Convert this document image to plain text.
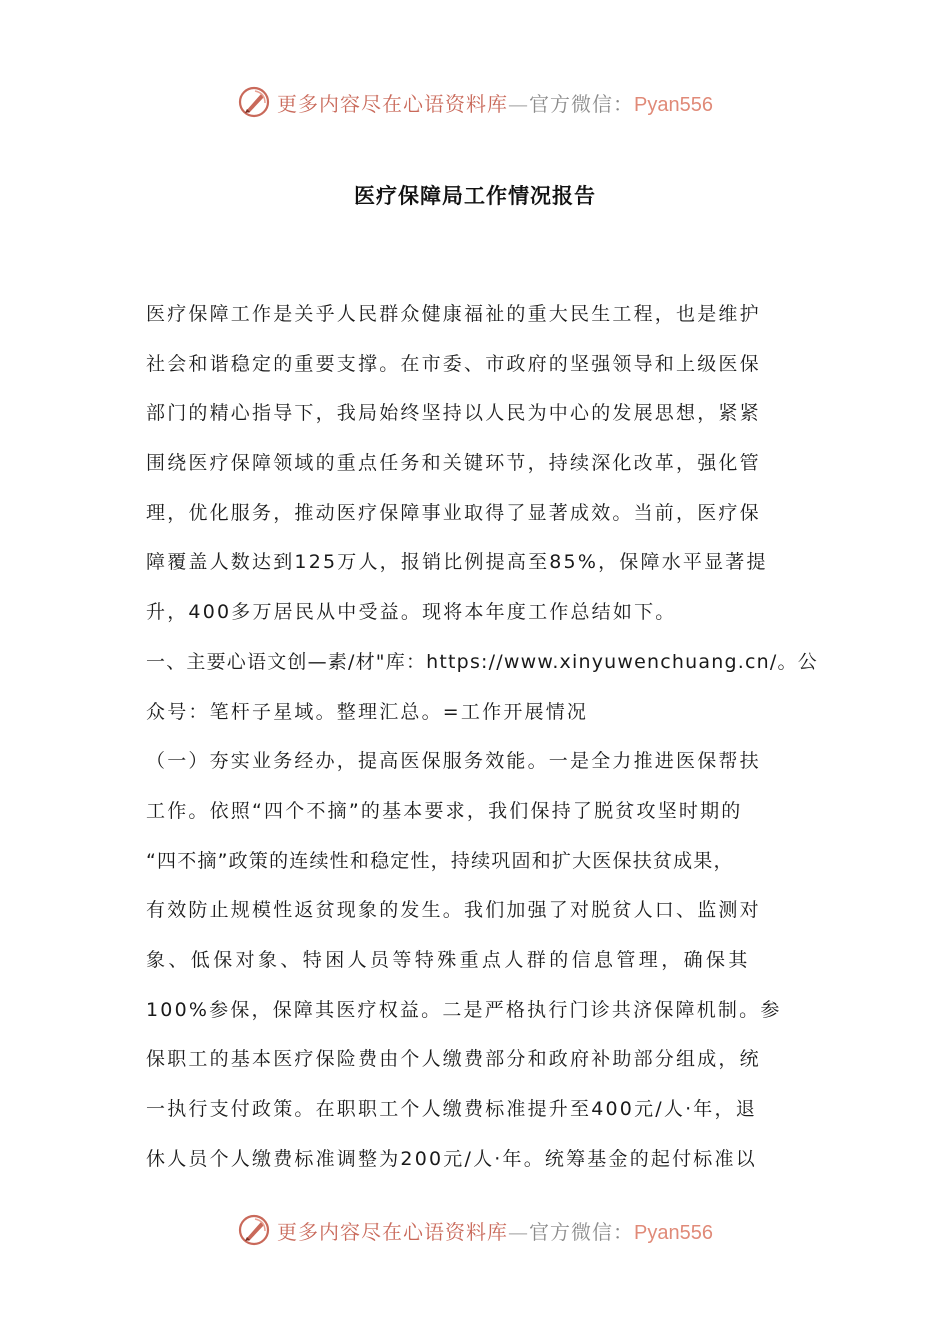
更多内容尽在心语资料库—官方微信：Pyan556
医疗保障局工作情况报告
医疗保障工作是关乎人民群众健康福祉的重大民生工程，也是维护
社会和谐稳定的重要支撑。在市委、市政府的坚强领导和上级医保
部门的精心指导下，我局始终坚持以人民为中心的发展思想，紧紧
围绕医疗保障领域的重点任务和关键环节，持续深化改革，强化管
理，优化服务，推动医疗保障事业取得了显著成效。当前，医疗保
障覆盖人数达到125万人，报销比例提高至85%，保障水平显著提
升，400多万居民从中受益。现将本年度工作总结如下。
一、主要心语文创—素/材"库：https://www.xinyuwenchuang.cn/。公
众号：笔杆子星域。整理汇总。=工作开展情况
（一）夯实业务经办，提高医保服务效能。一是全力推进医保帮扶
工作。依照“四个不摘”的基本要求，我们保持了脱贫攻坚时期的
“四不摘”政策的连续性和稳定性，持续巩固和扩大医保扶贫成果，
有效防止规模性返贫现象的发生。我们加强了对脱贫人口、监测对
象、低保对象、特困人员等特殊重点人群的信息管理，确保其
100%参保，保障其医疗权益。二是严格执行门诊共济保障机制。参
保职工的基本医疗保险费由个人缴费部分和政府补助部分组成，统
一执行支付政策。在职职工个人缴费标准提升至400元/人·年，退
休人员个人缴费标准调整为200元/人·年。统筹基金的起付标准以
更多内容尽在心语资料库—官方微信：Pyan556
